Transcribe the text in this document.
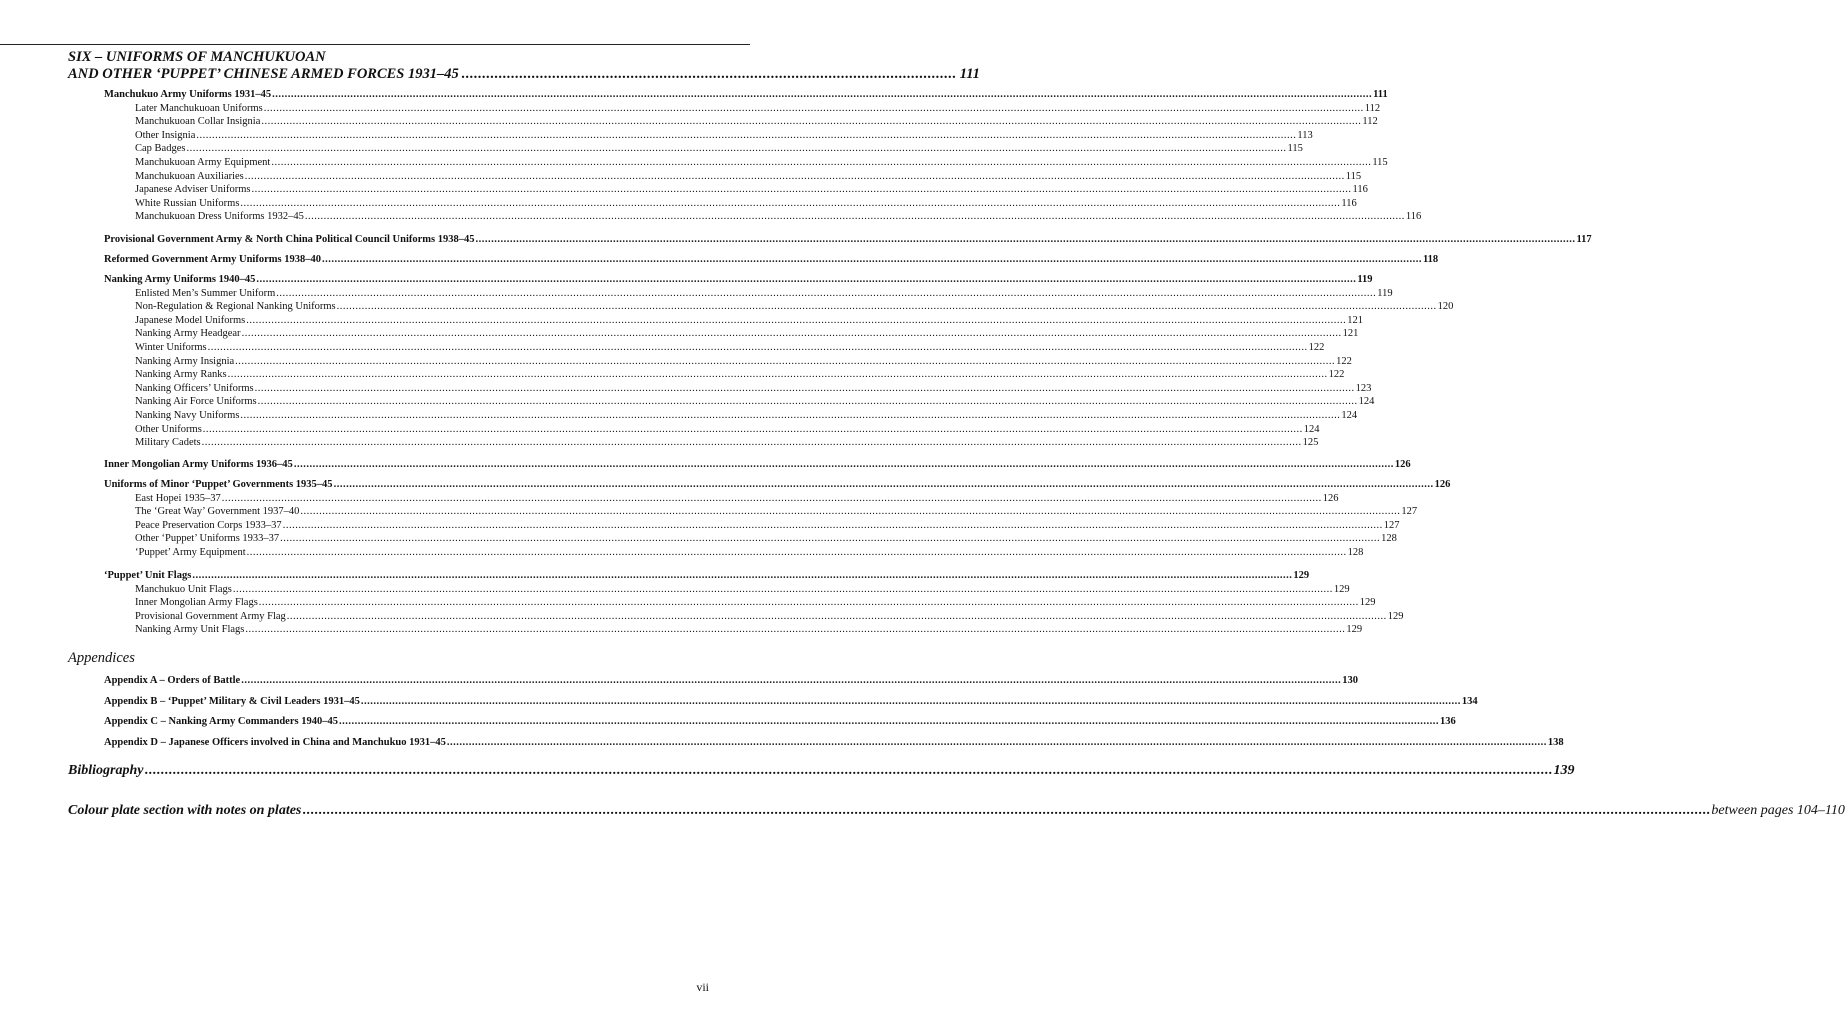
SIX – UNIFORMS OF MANCHUKUOAN
AND OTHER ‘PUPPET’ CHINESE ARMED FORCES 1931–45 ........................................................................................................................ 111
Manchukuo Army Uniforms 1931–45 .....	111
Later Manchukuoan Uniforms .....	112
Manchukuoan Collar Insignia .....	112
Other Insignia .....	113
Cap Badges .....	115
Manchukuoan Army Equipment .....	115
Manchukuoan Auxiliaries .....	115
Japanese Adviser Uniforms .....	116
White Russian Uniforms .....	116
Manchukuoan Dress Uniforms 1932–45 .....	116
Provisional Government Army & North China Political Council Uniforms 1938–45 .....	117
Reformed Government Army Uniforms 1938–40 .....	118
Nanking Army Uniforms 1940–45 .....	119
Enlisted Men’s Summer Uniform .....	119
Non-Regulation & Regional Nanking Uniforms .....	120
Japanese Model Uniforms .....	121
Nanking Army Headgear .....	121
Winter Uniforms .....	122
Nanking Army Insignia .....	122
Nanking Army Ranks .....	122
Nanking Officers’ Uniforms .....	123
Nanking Air Force Uniforms .....	124
Nanking Navy Uniforms .....	124
Other Uniforms .....	124
Military Cadets .....	125
Inner Mongolian Army Uniforms 1936–45 .....	126
Uniforms of Minor ‘Puppet’ Governments 1935–45 .....	126
East Hopei 1935–37 .....	126
The ‘Great Way’ Government 1937–40 .....	127
Peace Preservation Corps 1933–37 .....	127
Other ‘Puppet’ Uniforms 1933–37 .....	128
‘Puppet’ Army Equipment .....	128
‘Puppet’ Unit Flags .....	129
Manchukuo Unit Flags .....	129
Inner Mongolian Army Flags .....	129
Provisional Government Army Flag .....	129
Nanking Army Unit Flags .....	129
Appendix A – Orders of Battle .....	130
Appendix B – ‘Puppet’ Military & Civil Leaders 1931–45 .....	134
Appendix C – Nanking Army Commanders 1940–45 .....	136
Appendix D – Japanese Officers involved in China and Manchukuo 1931–45 .....	138
Bibliography .....	139
Colour plate section with notes on plates .....	between pages 104–110
Appendices
vii
